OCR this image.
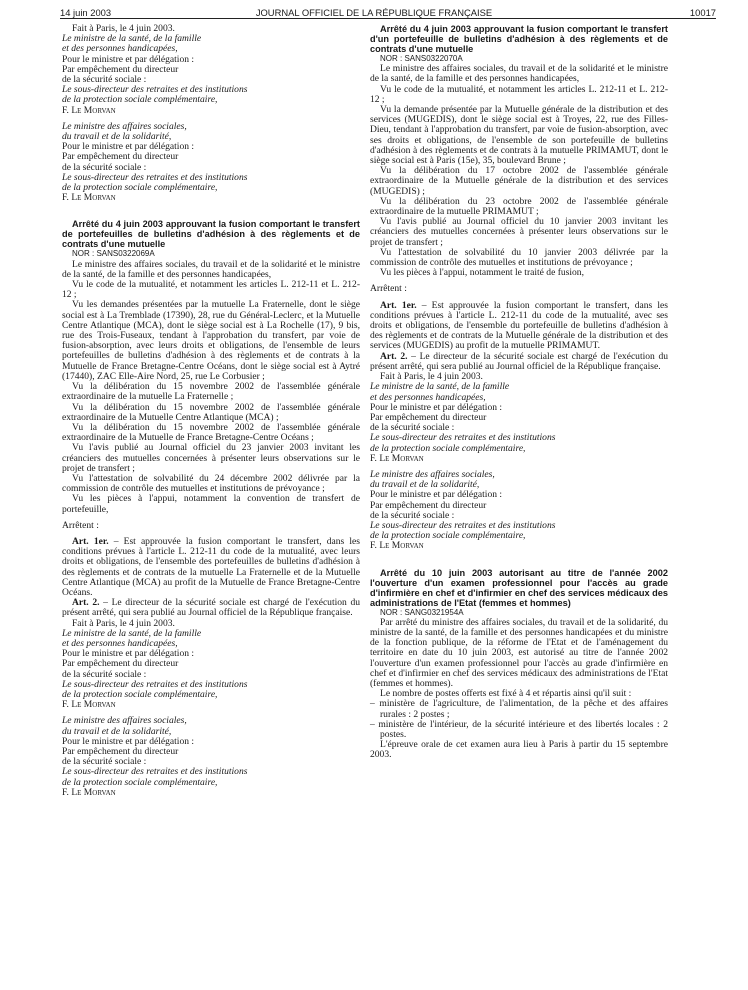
14 juin 2003	JOURNAL OFFICIEL DE LA RÉPUBLIQUE FRANÇAISE	10017

Fait à Paris, le 4 juin 2003.

Le ministre de la santé, de la famille

et des personnes handicapées,

Pour le ministre et par délégation :

Par empêchement du directeur

de la sécurité sociale :

Le sous-directeur des retraites et des institutions

de la protection sociale complémentaire,

F. Le Morvan

Le ministre des affaires sociales,

du travail et de la solidarité,

Pour le ministre et par délégation :

Par empêchement du directeur

de la sécurité sociale :

Le sous-directeur des retraites et des institutions

de la protection sociale complémentaire,

F. Le Morvan

Arrêté du 4 juin 2003 approuvant la fusion comportant le transfert de portefeuilles de bulletins d'adhésion à des règlements et de contrats d'une mutuelle

NOR : SANS0322069A

Le ministre des affaires sociales, du travail et de la solidarité et le ministre de la santé, de la famille et des personnes handicapées,

Vu le code de la mutualité, et notamment les articles L. 212-11 et L. 212-12 ;

Vu les demandes présentées par la mutuelle La Fraternelle, dont le siège social est à La Tremblade (17390), 28, rue du Général-Leclerc, et la Mutuelle Centre Atlantique (MCA), dont le siège social est à La Rochelle (17), 9 bis, rue des Trois-Fuseaux, tendant à l'approbation du transfert, par voie de fusion-absorption, avec leurs droits et obligations, de l'ensemble de leurs portefeuilles de bulletins d'adhésion à des règlements et de contrats à la Mutuelle de France Bretagne-Centre Océans, dont le siège social est à Aytré (17440), ZAC Elle-Aire Nord, 25, rue Le Corbusier ;

Vu la délibération du 15 novembre 2002 de l'assemblée générale extraordinaire de la mutuelle La Fraternelle ;

Vu la délibération du 15 novembre 2002 de l'assemblée générale extraordinaire de la Mutuelle Centre Atlantique (MCA) ;

Vu la délibération du 15 novembre 2002 de l'assemblée générale extraordinaire de la Mutuelle de France Bretagne-Centre Océans ;

Vu l'avis publié au Journal officiel du 23 janvier 2003 invitant les créanciers des mutuelles concernées à présenter leurs observations sur le projet de transfert ;

Vu l'attestation de solvabilité du 24 décembre 2002 délivrée par la commission de contrôle des mutuelles et institutions de prévoyance ;

Vu les pièces à l'appui, notamment la convention de transfert de portefeuille,

Arrêtent :

Art. 1er. – Est approuvée la fusion comportant le transfert, dans les conditions prévues à l'article L. 212-11 du code de la mutualité, avec leurs droits et obligations, de l'ensemble des portefeuilles de bulletins d'adhésion à des règlements et de contrats de la mutuelle La Fraternelle et de la Mutuelle Centre Atlantique (MCA) au profit de la Mutuelle de France Bretagne-Centre Océans.

Art. 2. – Le directeur de la sécurité sociale est chargé de l'exécution du présent arrêté, qui sera publié au Journal officiel de la République française.

Fait à Paris, le 4 juin 2003.

Le ministre de la santé, de la famille

et des personnes handicapées,

Pour le ministre et par délégation :

Par empêchement du directeur

de la sécurité sociale :

Le sous-directeur des retraites et des institutions

de la protection sociale complémentaire,

F. Le Morvan

Le ministre des affaires sociales,

du travail et de la solidarité,

Pour le ministre et par délégation :

Par empêchement du directeur

de la sécurité sociale :

Le sous-directeur des retraites et des institutions

de la protection sociale complémentaire,

F. Le Morvan

Arrêté du 4 juin 2003 approuvant la fusion comportant le transfert d'un portefeuille de bulletins d'adhésion à des règlements et de contrats d'une mutuelle

NOR : SANS0322070A

Le ministre des affaires sociales, du travail et de la solidarité et le ministre de la santé, de la famille et des personnes handicapées,

Vu le code de la mutualité, et notamment les articles L. 212-11 et L. 212-12 ;

Vu la demande présentée par la Mutuelle générale de la distribution et des services (MUGEDIS), dont le siège social est à Troyes, 22, rue des Filles-Dieu, tendant à l'approbation du transfert, par voie de fusion-absorption, avec ses droits et obligations, de l'ensemble de son portefeuille de bulletins d'adhésion à des règlements et de contrats à la mutuelle PRIMAMUT, dont le siège social est à Paris (15e), 35, boulevard Brune ;

Vu la délibération du 17 octobre 2002 de l'assemblée générale extraordinaire de la Mutuelle générale de la distribution et des services (MUGEDIS) ;

Vu la délibération du 23 octobre 2002 de l'assemblée générale extraordinaire de la mutuelle PRIMAMUT ;

Vu l'avis publié au Journal officiel du 10 janvier 2003 invitant les créanciers des mutuelles concernées à présenter leurs observations sur le projet de transfert ;

Vu l'attestation de solvabilité du 10 janvier 2003 délivrée par la commission de contrôle des mutuelles et institutions de prévoyance ;

Vu les pièces à l'appui, notamment le traité de fusion,

Arrêtent :

Art. 1er. – Est approuvée la fusion comportant le transfert, dans les conditions prévues à l'article L. 212-11 du code de la mutualité, avec ses droits et obligations, de l'ensemble du portefeuille de bulletins d'adhésion à des règlements et de contrats de la Mutuelle générale de la distribution et des services (MUGEDIS) au profit de la mutuelle PRIMAMUT.

Art. 2. – Le directeur de la sécurité sociale est chargé de l'exécution du présent arrêté, qui sera publié au Journal officiel de la République française.

Fait à Paris, le 4 juin 2003.

Le ministre de la santé, de la famille

et des personnes handicapées,

Pour le ministre et par délégation :

Par empêchement du directeur

de la sécurité sociale :

Le sous-directeur des retraites et des institutions

de la protection sociale complémentaire,

F. Le Morvan

Le ministre des affaires sociales,

du travail et de la solidarité,

Pour le ministre et par délégation :

Par empêchement du directeur

de la sécurité sociale :

Le sous-directeur des retraites et des institutions

de la protection sociale complémentaire,

F. Le Morvan

Arrêté du 10 juin 2003 autorisant au titre de l'année 2002 l'ouverture d'un examen professionnel pour l'accès au grade d'infirmière en chef et d'infirmier en chef des services médicaux des administrations de l'Etat (femmes et hommes)

NOR : SANG0321954A

Par arrêté du ministre des affaires sociales, du travail et de la solidarité, du ministre de la santé, de la famille et des personnes handicapées et du ministre de la fonction publique, de la réforme de l'Etat et de l'aménagement du territoire en date du 10 juin 2003, est autorisé au titre de l'année 2002 l'ouverture d'un examen professionnel pour l'accès au grade d'infirmière en chef et d'infirmier en chef des services médicaux des administrations de l'Etat (femmes et hommes).

Le nombre de postes offerts est fixé à 4 et répartis ainsi qu'il suit :

– ministère de l'agriculture, de l'alimentation, de la pêche et des affaires rurales : 2 postes ;

– ministère de l'intérieur, de la sécurité intérieure et des libertés locales : 2 postes.

L'épreuve orale de cet examen aura lieu à Paris à partir du 15 septembre 2003.
